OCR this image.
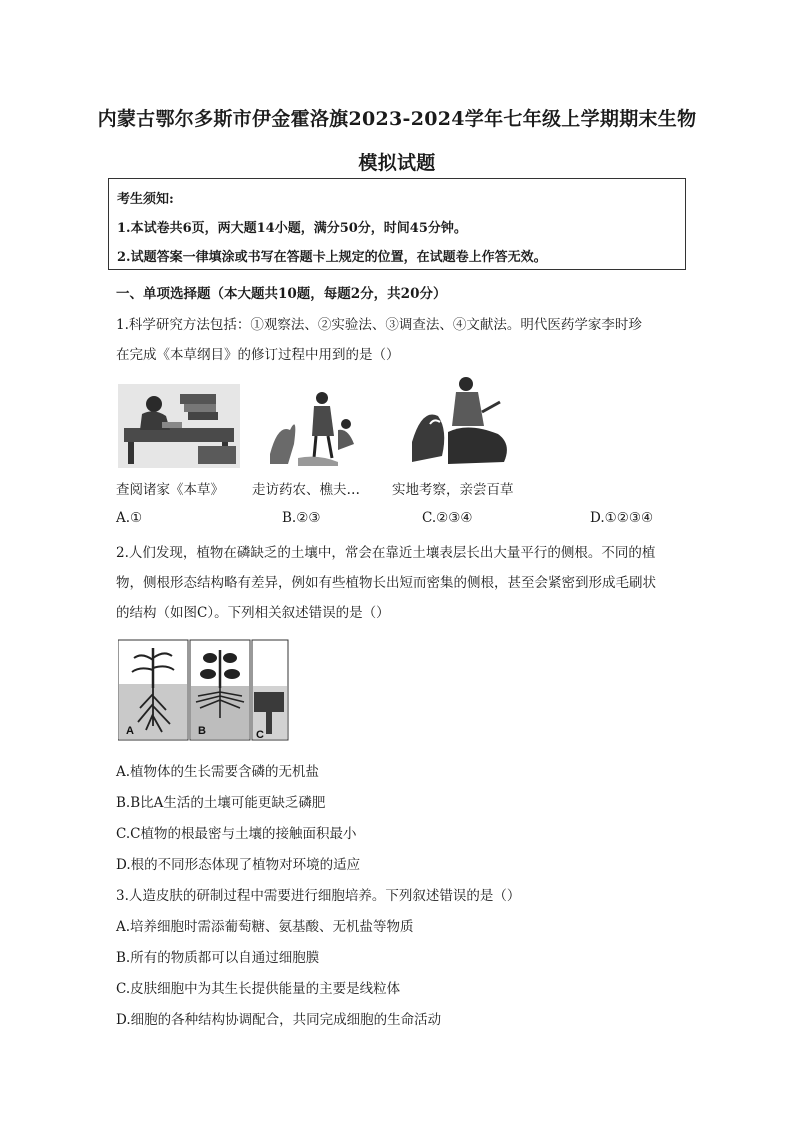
内蒙古鄂尔多斯市伊金霍洛旗2023-2024学年七年级上学期期末生物
模拟试题
考生须知:
1.本试卷共6页，两大题14小题，满分50分，时间45分钟。
2.试题答案一律填涂或书写在答题卡上规定的位置，在试题卷上作答无效。
一、单项选择题（本大题共10题，每题2分，共20分）
1.科学研究方法包括：①观察法、②实验法、③调查法、④文献法。明代医药学家李时珍
在完成《本草纲目》的修订过程中用到的是（）
查阅诸家《本草》 走访药农、樵夫… 实地考察，亲尝百草
A.①	B.②③	C.②③④	D.①②③④
2.人们发现，植物在磷缺乏的土壤中，常会在靠近土壤表层长出大量平行的侧根。不同的植
物，侧根形态结构略有差异，例如有些植物长出短而密集的侧根，甚至会紧密到形成毛刷状
的结构（如图C）。下列相关叙述错误的是（）
A	B	C
A.植物体的生长需要含磷的无机盐
B.B比A生活的土壤可能更缺乏磷肥
C.C植物的根最密与土壤的接触面积最小
D.根的不同形态体现了植物对环境的适应
3.人造皮肤的研制过程中需要进行细胞培养。下列叙述错误的是（）
A.培养细胞时需添葡萄糖、氨基酸、无机盐等物质
B.所有的物质都可以自通过细胞膜
C.皮肤细胞中为其生长提供能量的主要是线粒体
D.细胞的各种结构协调配合，共同完成细胞的生命活动
